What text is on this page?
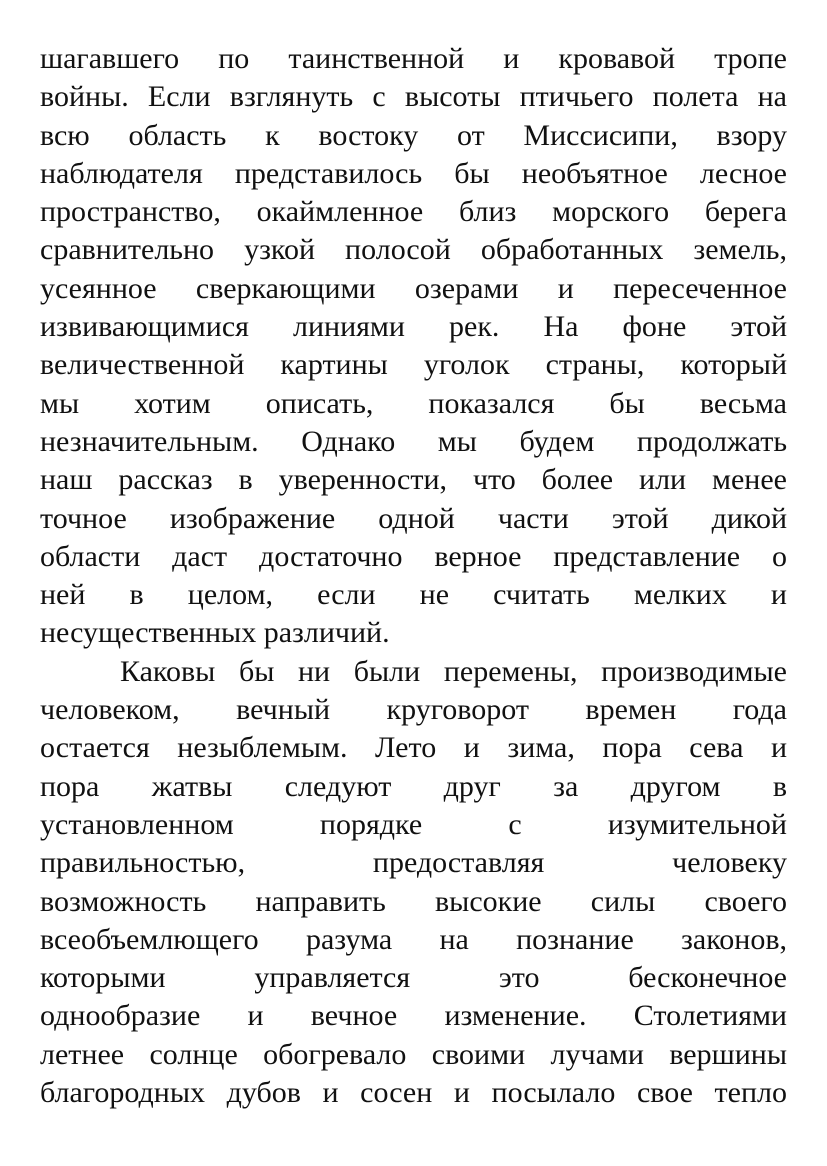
шагавшего по таинственной и кровавой тропе
войны. Если взглянуть с высоты птичьего полета на
всю область к востоку от Миссисипи, взору
наблюдателя представилось бы необъятное лесное
пространство, окаймленное близ морского берега
сравнительно узкой полосой обработанных земель,
усеянное сверкающими озерами и пересеченное
извивающимися линиями рек. На фоне этой
величественной картины уголок страны, который
мы хотим описать, показался бы весьма
незначительным. Однако мы будем продолжать
наш рассказ в уверенности, что более или менее
точное изображение одной части этой дикой
области даст достаточно верное представление о
ней в целом, если не считать мелких и
несущественных различий.
Каковы бы ни были перемены, производимые
человеком, вечный круговорот времен года
остается незыблемым. Лето и зима, пора сева и
пора жатвы следуют друг за другом в
установленном порядке с изумительной
правильностью, предоставляя человеку
возможность направить высокие силы своего
всеобъемлющего разума на познание законов,
которыми управляется это бесконечное
однообразие и вечное изменение. Столетиями
летнее солнце обогревало своими лучами вершины
благородных дубов и сосен и посылало свое тепло
